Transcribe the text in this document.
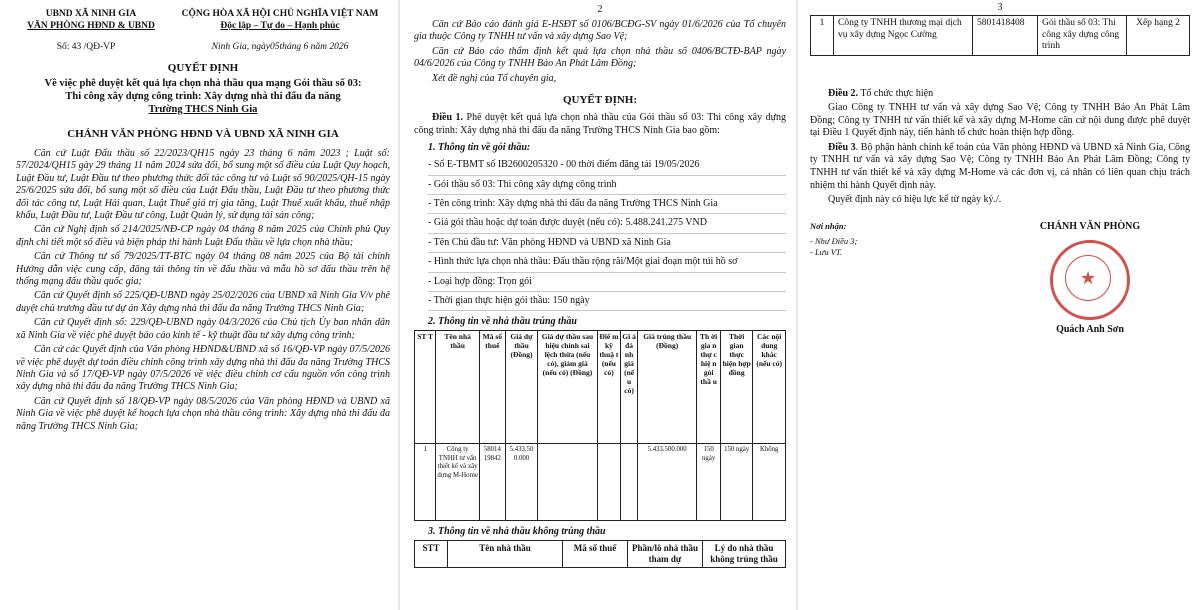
UBND XÃ NINH GIA

VĂN PHÒNG HĐND & UBND

CỘNG HÒA XÃ HỘI CHỦ NGHĨA VIỆT NAM

Độc lập – Tự do – Hạnh phúc

Số: 43 /QĐ-VP	Ninh Gia, ngày05tháng 6 năm 2026

QUYẾT ĐỊNH

Về việc phê duyệt kết quả lựa chọn nhà thầu qua mạng Gói thầu số 03:

Thi công xây dựng công trình: Xây dựng nhà thi đấu đa năng

Trường THCS Ninh Gia

CHÁNH VĂN PHÒNG HĐND VÀ UBND XÃ NINH GIA

Căn cứ Luật Đấu thầu số 22/2023/QH15 ngày 23 tháng 6 năm 2023 ; Luật số: 57/2024/QH15 gày 29 tháng 11 năm 2024 sửa đổi, bổ sung một số điều của Luật Quy hoạch, Luật Đầu tư, Luật Đầu tư theo phương thức đối tác công tư và Luật số 90/2025/QH-15 ngày 25/6/2025 sửa đổi, bổ sung một số điều của Luật Đấu thầu, Luật Đầu tư theo phương thức đối tác công tư, Luật Hải quan, Luật Thuế giá trị gia tăng, Luật Thuế xuất khẩu, thuế nhập khẩu, Luật Đầu tư, Luật Đầu tư công, Luật Quản lý, sử dụng tài sản công;

Căn cứ Nghị định số 214/2025/NĐ-CP ngày 04 tháng 8 năm 2025 của Chính phủ Quy định chi tiết một số điều và biện pháp thi hành Luật Đấu thầu về lựa chọn nhà thầu;

Căn cứ Thông tư số 79/2025/TT-BTC ngày 04 tháng 08 năm 2025 của Bộ tài chính Hướng dẫn việc cung cấp, đăng tải thông tin về đấu thầu và mẫu hồ sơ đấu thầu trên hệ thống mạng đấu thầu quốc gia;

Căn cứ Quyết định số 225/QĐ-UBND ngày 25/02/2026 của UBND xã Ninh Gia V/v phê duyệt chủ trương đầu tư dự án Xây dựng nhà thi đấu đa năng Trường THCS Ninh Gia;

Căn cứ Quyết định số: 229/QĐ-UBND ngày 04/3/2026 của Chủ tịch Ủy ban nhân dân xã Ninh Gia về việc phê duyệt báo cáo kinh tế - kỹ thuật đầu tư xây dựng công trình;

Căn cứ các Quyết định của Văn phòng HĐND&UBND xã số 16/QĐ-VP ngày 07/5/2026 về việc phê duyệt dự toán điều chỉnh công trình xây dựng nhà thi đấu đa năng Trường THCS Ninh Gia và số 17/QĐ-VP ngày 07/5/2026 về việc điều chỉnh cơ cấu nguồn vốn công trình xây dựng nhà thi đấu đa năng Trường THCS Ninh Gia;

Căn cứ Quyết định số 18/QĐ-VP ngày 08/5/2026 của Văn phòng HĐND và UBND xã Ninh Gia về việc phê duyệt kế hoạch lựa chọn nhà thầu công trình: Xây dựng nhà thi đấu đa năng Trường THCS Ninh Gia;

2

Căn cứ Báo cáo đánh giá E-HSĐT số 0106/BCĐG-SV ngày 01/6/2026 của Tổ chuyên gia thuộc Công ty TNHH tư vấn và xây dựng Sao Vệ;

Căn cứ Báo cáo thẩm định kết quả lựa chọn nhà thầu số 0406/BCTĐ-BAP ngày 04/6/2026 của Công ty TNHH Bảo An Phát Lâm Đồng;

Xét đề nghị của Tổ chuyên gia,

QUYẾT ĐỊNH:

Điều 1. Phê duyệt kết quả lựa chọn nhà thầu của Gói thầu số 03: Thi công xây dựng công trình: Xây dựng nhà thi đấu đa năng Trường THCS Ninh Gia bao gồm:

1. Thông tin về gói thầu:

- Số E-TBMT số IB2600205320 - 00 thời điểm đăng tải 19/05/2026

- Gói thầu số 03: Thi công xây dựng công trình

- Tên công trình: Xây dựng nhà thi đấu đa năng Trường THCS Ninh Gia

- Giá gói thầu hoặc dự toán được duyệt (nếu có): 5.488.241.275 VND

- Tên Chủ đầu tư: Văn phòng HĐND và UBND xã Ninh Gia

- Hình thức lựa chọn nhà thầu: Đấu thầu rộng rãi/Một giai đoạn một túi hồ sơ

- Loại hợp đồng: Trọn gói

- Thời gian thực hiện gói thầu: 150 ngày

2. Thông tin về nhà thầu trúng thầu

ST T	Tên nhà thầu	Mã số thuế	Giá dự thầu (Đồng)	Giá dự thầu sau hiệu chỉnh sai lệch thừa (nếu có), giảm giá (nếu có) (Đồng)	Điể m kỹ thuậ t (nếu có)	Gi á đá nh giá (nế u có)	Giá trúng thầu (Đồng)	Th ời gia n thự c hiệ n gói thầ u	Thời gian thực hiện hợp đồng	Các nội dung khác (nếu có)
1	Công ty TNHH tư vấn thiết kế và xây dựng M-Home	58014 19842	5.433.50 0.000				5.433.500.000	150 ngày	150 ngày	Không

3. Thông tin về nhà thầu không trúng thầu

STT	Tên nhà thầu	Mã số thuế	Phần/lô nhà thầu tham dự	Lý do nhà thầu không trúng thầu

3

1	Công ty TNHH thương mại dịch vụ xây dựng Ngọc Cường	5801418408	Gói thầu số 03: Thi công xây dựng công trình	Xếp hạng 2

Điều 2. Tổ chức thực hiện

Giao Công ty TNHH tư vấn và xây dựng Sao Vệ; Công ty TNHH Bảo An Phát Lâm Đồng; Công ty TNHH tư vấn thiết kế và xây dựng M-Home căn cứ nội dung được phê duyệt tại Điều 1 Quyết định này, tiến hành tổ chức hoàn thiện hợp đồng.

Điều 3. Bộ phận hành chính kế toán của Văn phòng HĐND và UBND xã Ninh Gia, Công ty TNHH tư vấn và xây dựng Sao Vệ; Công ty TNHH Bảo An Phát Lâm Đồng; Công ty TNHH tư vấn thiết kế và xây dựng M-Home và các đơn vị, cá nhân có liên quan chịu trách nhiệm thi hành Quyết định này.

Quyết định này có hiệu lực kể từ ngày ký./.

Nơi nhận:

- Như Điều 3;

- Lưu VT.

CHÁNH VĂN PHÒNG

★

Quách Anh Sơn
